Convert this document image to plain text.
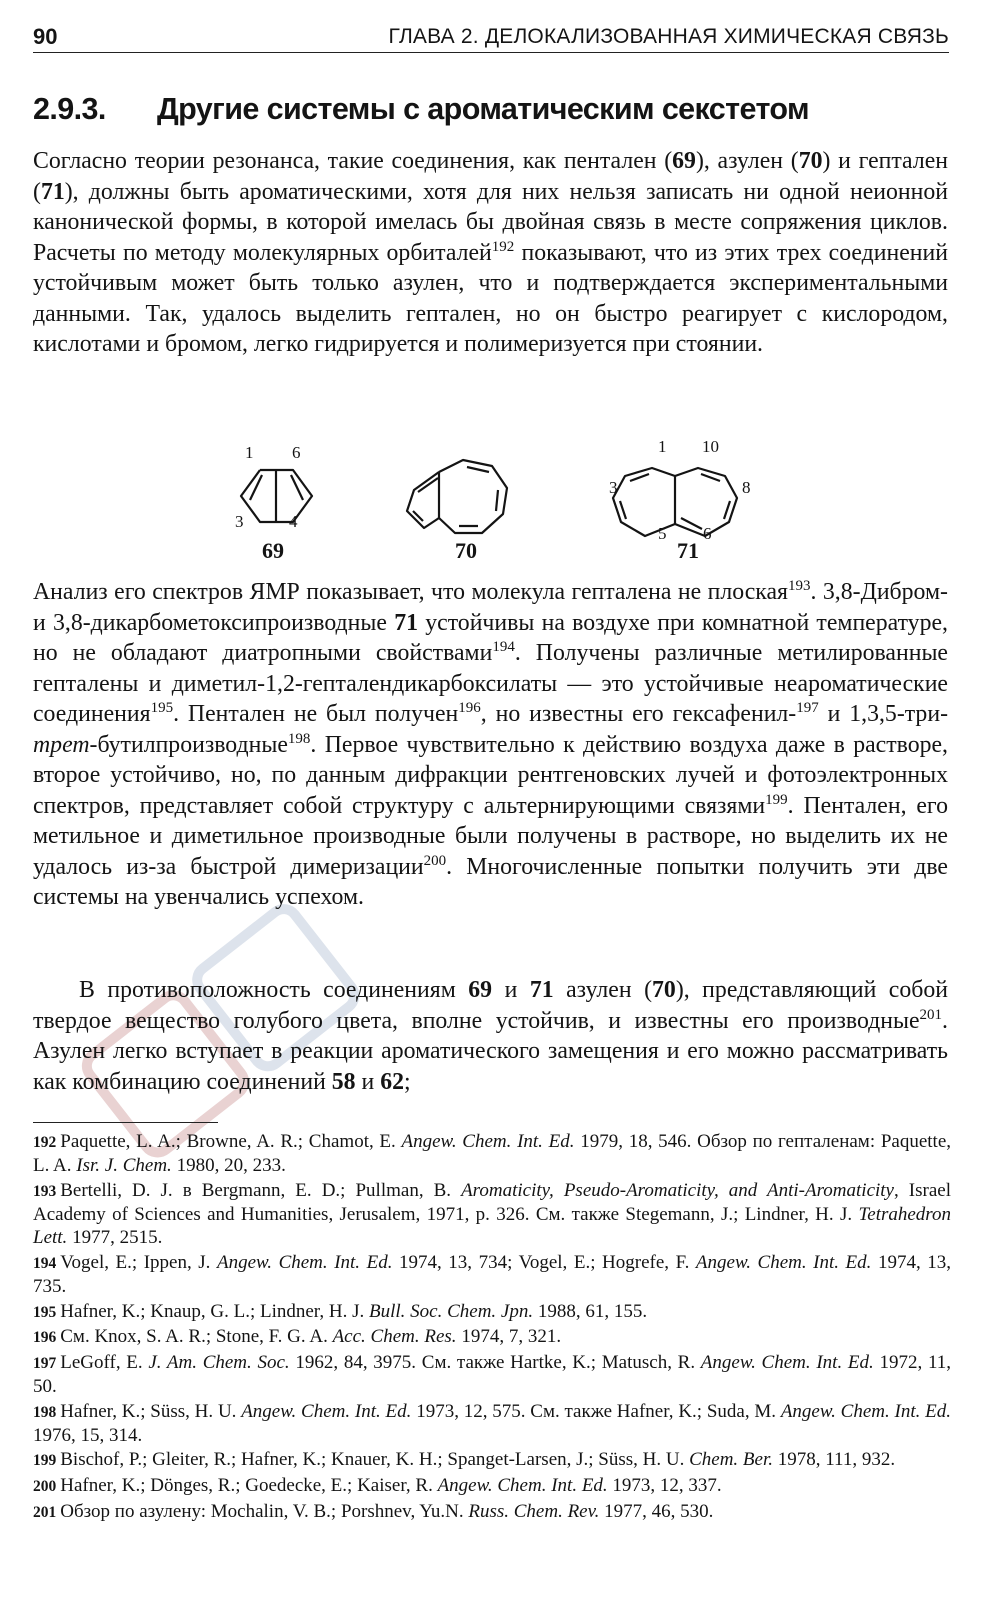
90	ГЛАВА 2. ДЕЛОКАЛИЗОВАННАЯ ХИМИЧЕСКАЯ СВЯЗЬ
2.9.3. Другие системы с ароматическим секстетом

Согласно теории резонанса, такие соединения, как пентален (69), азулен (70) и гептален (71), должны быть ароматическими, хотя для них нельзя записать ни одной неионной канонической формы, в которой имелась бы двойная связь в месте сопряжения циклов. Расчеты по методу молекулярных орбиталей$^{192}$ показывают, что из этих трех соединений устойчивым может быть только азулен, что и подтверждается экспериментальными данными. Так, удалось выделить гептален, но он быстро реагирует с кислородом, кислотами и бромом, легко гидрируется и полимеризуется при стоянии.

1 6
3	4
1 10
3	8
5 6
69	70	71

Анализ его спектров ЯМР показывает, что молекула гепталена не плоская$^{193}$. 3,8-Дибром- и 3,8-дикарбометоксипроизводные 71 устойчивы на воздухе при комнатной температуре, но не обладают диатропными свойствами$^{194}$. Получены различные метилированные гепталены и диметил-1,2-гепталендикарбоксилаты — это устойчивые неароматические соединения$^{195}$. Пентален не был получен$^{196}$, но известны его гексафенил-$^{197}$ и 1,3,5-три-трет-бутилпроизводные$^{198}$. Первое чувствительно к действию воздуха даже в растворе, второе устойчиво, но, по данным дифракции рентгеновских лучей и фотоэлектронных спектров, представляет собой структуру с альтернирующими связями$^{199}$. Пентален, его метильное и диметильное производные были получены в растворе, но выделить их не удалось из-за быстрой димеризации$^{200}$. Многочисленные попытки получить эти две системы на увенчались успехом.

В противоположность соединениям 69 и 71 азулен (70), представляющий собой твердое вещество голубого цвета, вполне устойчив, и известны его производные$^{201}$. Азулен легко вступает в реакции ароматического замещения и его можно рассматривать как комбинацию соединений 58 и 62;

192 Paquette, L. A.; Browne, A. R.; Chamot, E. Angew. Chem. Int. Ed. 1979, 18, 546. Обзор по гепталенам: Paquette, L. A. Isr. J. Chem. 1980, 20, 233.

193 Bertelli, D. J. в Bergmann, E. D.; Pullman, B. Aromaticity, Pseudo-Aromaticity, and Anti-Aromaticity, Israel Academy of Sciences and Humanities, Jerusalem, 1971, p. 326. См. также Stegemann, J.; Lindner, H. J. Tetrahedron Lett. 1977, 2515.

194 Vogel, E.; Ippen, J. Angew. Chem. Int. Ed. 1974, 13, 734; Vogel, E.; Hogrefe, F. Angew. Chem. Int. Ed. 1974, 13, 735.

195 Hafner, K.; Knaup, G. L.; Lindner, H. J. Bull. Soc. Chem. Jpn. 1988, 61, 155.

196 См. Knox, S. A. R.; Stone, F. G. A. Acc. Chem. Res. 1974, 7, 321.

197 LeGoff, E. J. Am. Chem. Soc. 1962, 84, 3975. См. также Hartke, K.; Matusch, R. Angew. Chem. Int. Ed. 1972, 11, 50.

198 Hafner, K.; Süss, H. U. Angew. Chem. Int. Ed. 1973, 12, 575. См. также Hafner, K.; Suda, M. Angew. Chem. Int. Ed. 1976, 15, 314.

199 Bischof, P.; Gleiter, R.; Hafner, K.; Knauer, K. H.; Spanget-Larsen, J.; Süss, H. U. Chem. Ber. 1978, 111, 932.

200 Hafner, K.; Dönges, R.; Goedecke, E.; Kaiser, R. Angew. Chem. Int. Ed. 1973, 12, 337.

201 Обзор по азулену: Mochalin, V. B.; Porshnev, Yu.N. Russ. Chem. Rev. 1977, 46, 530.
